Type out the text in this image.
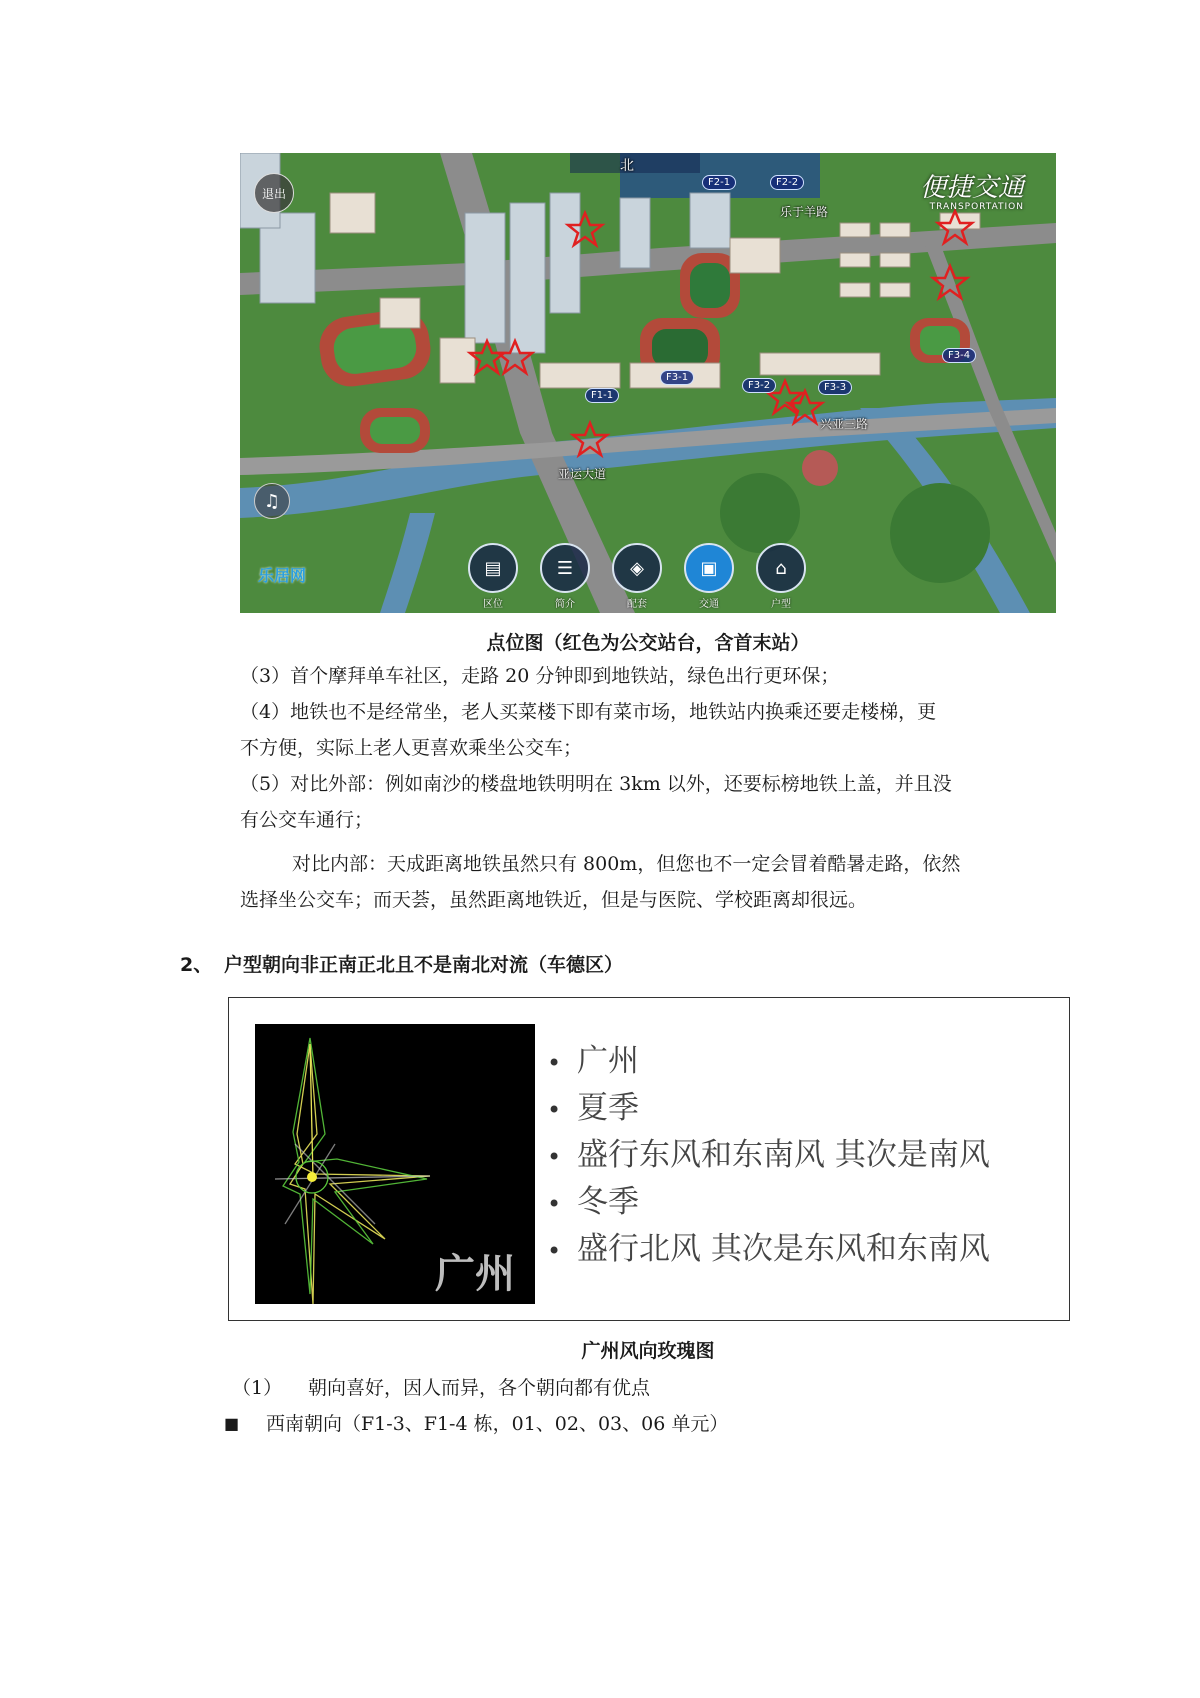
退出
北
便捷交通
TRANSPORTATION
乐于羊路
兴亚三路
亚运大道
F2-1	F2-2
F1-1
F3-1
F3-2	F3-3
F3-4
♫
乐居网	▤
区位
☰
简介
◈
配套
▣
交通
⌂
户型
点位图（红色为公交站台，含首末站）
（3）首个摩拜单车社区，走路 20 分钟即到地铁站，绿色出行更环保；
（4）地铁也不是经常坐，老人买菜楼下即有菜市场，地铁站内换乘还要走楼梯，更
不方便，实际上老人更喜欢乘坐公交车；
（5）对比外部：例如南沙的楼盘地铁明明在 3km 以外，还要标榜地铁上盖，并且没
有公交车通行；
对比内部：天成距离地铁虽然只有 800m，但您也不一定会冒着酷暑走路，依然
选择坐公交车；而天荟，虽然距离地铁近，但是与医院、学校距离却很远。
2、 户型朝向非正南正北且不是南北对流（车德区）
广州
• 广州
• 夏季
• 盛行东风和东南风 其次是南风
• 冬季
• 盛行北风 其次是东风和东南风
广州风向玫瑰图
（1） 朝向喜好，因人而异，各个朝向都有优点
■ 西南朝向（F1-3、F1-4 栋，01、02、03、06 单元）
